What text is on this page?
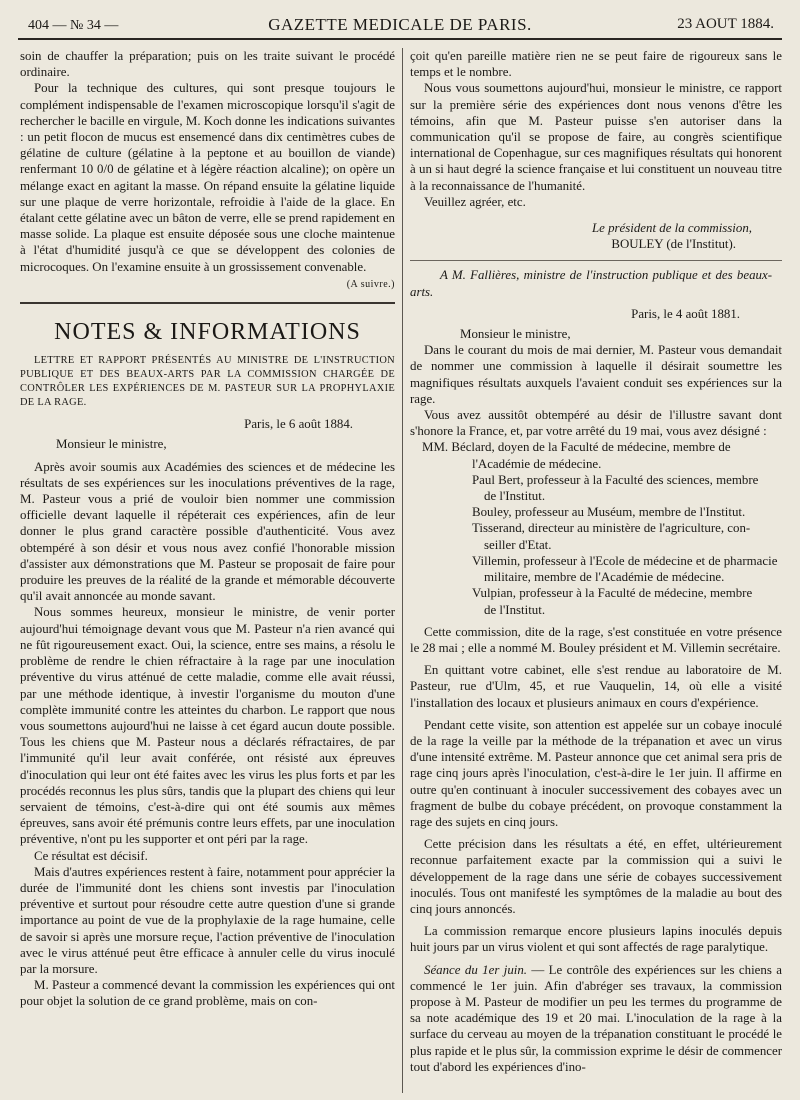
404 — № 34 —	GAZETTE MEDICALE DE PARIS.	23 AOUT 1884.

soin de chauffer la préparation; puis on les traite suivant le procédé ordinaire.

Pour la technique des cultures, qui sont presque toujours le complément indispensable de l'examen microscopique lorsqu'il s'agit de rechercher le bacille en virgule, M. Koch donne les indications suivantes : un petit flocon de mucus est ensemencé dans dix centimètres cubes de gélatine de culture (gélatine à la peptone et au bouillon de viande) renfermant 10 0/0 de gélatine et à légère réaction alcaline); on opère un mélange exact en agitant la masse. On répand ensuite la gélatine liquide sur une plaque de verre horizontale, refroidie à l'aide de la glace. En étalant cette gélatine avec un bâton de verre, elle se prend rapidement en masse solide. La plaque est ensuite déposée sous une cloche maintenue à l'état d'humidité jusqu'à ce que se développent des colonies de microcoques. On l'examine ensuite à un grossissement convenable.

(A suivre.)
NOTES & INFORMATIONS

LETTRE ET RAPPORT PRÉSENTÉS AU MINISTRE DE L'INSTRUCTION PUBLIQUE ET DES BEAUX-ARTS PAR LA COMMISSION CHARGÉE DE CONTRÔLER LES EXPÉRIENCES DE M. PASTEUR SUR LA PROPHYLAXIE DE LA RAGE.

Paris, le 6 août 1884.

Monsieur le ministre,

Après avoir soumis aux Académies des sciences et de médecine les résultats de ses expériences sur les inoculations préventives de la rage, M. Pasteur vous a prié de vouloir bien nommer une commission officielle devant laquelle il répéterait ces expériences, afin de leur donner le plus grand caractère possible d'authenticité. Vous avez obtempéré à son désir et vous nous avez confié l'honorable mission d'assister aux démonstrations que M. Pasteur se proposait de faire pour produire les preuves de la réalité de la grande et mémorable découverte qu'il avait annoncée au monde savant.

Nous sommes heureux, monsieur le ministre, de venir porter aujourd'hui témoignage devant vous que M. Pasteur n'a rien avancé qui ne fût rigoureusement exact. Oui, la science, entre ses mains, a résolu le problème de rendre le chien réfractaire à la rage par une inoculation préventive du virus atténué de cette maladie, comme elle avait réussi, par une méthode identique, à investir l'organisme du mouton d'une complète immunité contre les atteintes du charbon. Le rapport que nous vous soumettons aujourd'hui ne laisse à cet égard aucun doute possible. Tous les chiens que M. Pasteur nous a déclarés réfractaires, de par l'immunité qu'il leur avait conférée, ont résisté aux épreuves d'inoculation qui leur ont été faites avec les virus les plus forts et par les procédés reconnus les plus sûrs, tandis que la plupart des chiens qui leur servaient de témoins, c'est-à-dire qui ont été soumis aux mêmes épreuves, sans avoir été prémunis contre leurs effets, par une inoculation préventive, n'ont pu les supporter et ont péri par la rage.

Ce résultat est décisif.

Mais d'autres expériences restent à faire, notamment pour apprécier la durée de l'immunité dont les chiens sont investis par l'inoculation préventive et surtout pour résoudre cette autre question d'une si grande importance au point de vue de la prophylaxie de la rage humaine, celle de savoir si après une morsure reçue, l'action préventive de l'inoculation avec le virus atténué peut être efficace à annuler celle du virus inoculé par la morsure.

M. Pasteur a commencé devant la commission les expériences qui ont pour objet la solution de ce grand problème, mais on con-

çoit qu'en pareille matière rien ne se peut faire de rigoureux sans le temps et le nombre.

Nous vous soumettons aujourd'hui, monsieur le ministre, ce rapport sur la première série des expériences dont nous venons d'être les témoins, afin que M. Pasteur puisse s'en autoriser dans la communication qu'il se propose de faire, au congrès scientifique international de Copenhague, sur ces magnifiques résultats qui honorent à un si haut degré la science française et lui constituent un nouveau titre à la reconnaissance de l'humanité.

Veuillez agréer, etc.

Le président de la commission,
BOULEY (de l'Institut).

A M. Fallières, ministre de l'instruction publique et des beaux-arts.

Paris, le 4 août 1881.

Monsieur le ministre,

Dans le courant du mois de mai dernier, M. Pasteur vous demandait de nommer une commission à laquelle il désirait soumettre les magnifiques résultats auxquels l'avaient conduit ses expériences sur la rage.

Vous avez aussitôt obtempéré au désir de l'illustre savant dont s'honore la France, et, par votre arrêté du 19 mai, vous avez désigné :

MM. Béclard, doyen de la Faculté de médecine, membre de
l'Académie de médecine.

Paul Bert, professeur à la Faculté des sciences, membre
de l'Institut.

Bouley, professeur au Muséum, membre de l'Institut.

Tisserand, directeur au ministère de l'agriculture, con-
seiller d'Etat.

Villemin, professeur à l'Ecole de médecine et de pharmacie
militaire, membre de l'Académie de médecine.

Vulpian, professeur à la Faculté de médecine, membre
de l'Institut.

Cette commission, dite de la rage, s'est constituée en votre présence le 28 mai ; elle a nommé M. Bouley président et M. Villemin secrétaire.

En quittant votre cabinet, elle s'est rendue au laboratoire de M. Pasteur, rue d'Ulm, 45, et rue Vauquelin, 14, où elle a visité l'installation des locaux et plusieurs animaux en cours d'expérience.

Pendant cette visite, son attention est appelée sur un cobaye inoculé de la rage la veille par la méthode de la trépanation et avec un virus d'une intensité extrême. M. Pasteur annonce que cet animal sera pris de rage cinq jours après l'inoculation, c'est-à-dire le 1er juin. Il affirme en outre qu'en continuant à inoculer successivement des cobayes avec un fragment de bulbe du cobaye précédent, on provoque constamment la rage des sujets en cinq jours.

Cette précision dans les résultats a été, en effet, ultérieurement reconnue parfaitement exacte par la commission qui a suivi le développement de la rage dans une série de cobayes successivement inoculés. Tous ont manifesté les symptômes de la maladie au bout des cinq jours annoncés.

La commission remarque encore plusieurs lapins inoculés depuis huit jours par un virus violent et qui sont affectés de rage paralytique.

Séance du 1er juin. — Le contrôle des expériences sur les chiens a commencé le 1er juin. Afin d'abréger ses travaux, la commission propose à M. Pasteur de modifier un peu les termes du programme de sa note académique des 19 et 20 mai. L'inoculation de la rage à la surface du cerveau au moyen de la trépanation constituant le procédé le plus rapide et le plus sûr, la commission exprime le désir de commencer tout d'abord les expériences d'ino-
